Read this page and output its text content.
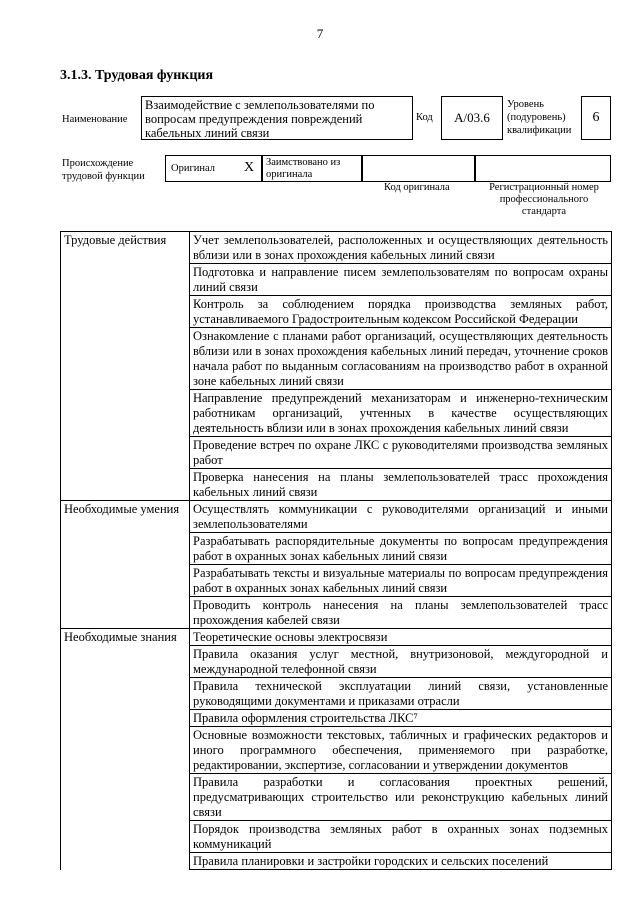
7
3.1.3. Трудовая функция
Наименование
Взаимодействие с землепользователями по вопросам предупреждения повреждений кабельных линий связи
Код	А/03.6
Уровень
(подуровень)
квалификации
6
Происхождение
трудовой функции
Оригинал X Заимствовано из
оригинала
Код оригинала	Регистрационный номер
профессионального
стандарта
Трудовые действия	Учет землепользователей, расположенных и осуществляющих деятельность вблизи или в зонах прохождения кабельных линий связи
	Подготовка и направление писем землепользователям по вопросам охраны линий связи
	Контроль за соблюдением порядка производства земляных работ, устанавливаемого Градостроительным кодексом Российской Федерации
	Ознакомление с планами работ организаций, осуществляющих деятельность вблизи или в зонах прохождения кабельных линий передач, уточнение сроков начала работ по выданным согласованиям на производство работ в охранной зоне кабельных линий связи
	Направление предупреждений механизаторам и инженерно-техническим работникам организаций, учтенных в качестве осуществляющих деятельность вблизи или в зонах прохождения кабельных линий связи
	Проведение встреч по охране ЛКС с руководителями производства земляных работ
	Проверка нанесения на планы землепользователей трасс прохождения кабельных линий связи
Необходимые умения	Осуществлять коммуникации с руководителями организаций и иными землепользователями
	Разрабатывать распорядительные документы по вопросам предупреждения работ в охранных зонах кабельных линий связи
	Разрабатывать тексты и визуальные материалы по вопросам предупреждения работ в охранных зонах кабельных линий связи
	Проводить контроль нанесения на планы землепользователей трасс прохождения кабелей связи
Необходимые знания	Теоретические основы электросвязи
	Правила оказания услуг местной, внутризоновой, междугородной и международной телефонной связи
	Правила технической эксплуатации линий связи, установленные руководящими документами и приказами отрасли
	Правила оформления строительства ЛКС⁷
	Основные возможности текстовых, табличных и графических редакторов и иного программного обеспечения, применяемого при разработке, редактировании, экспертизе, согласовании и утверждении документов
	Правила разработки и согласования проектных решений, предусматривающих строительство или реконструкцию кабельных линий связи
	Порядок производства земляных работ в охранных зонах подземных коммуникаций
	Правила планировки и застройки городских и сельских поселений
